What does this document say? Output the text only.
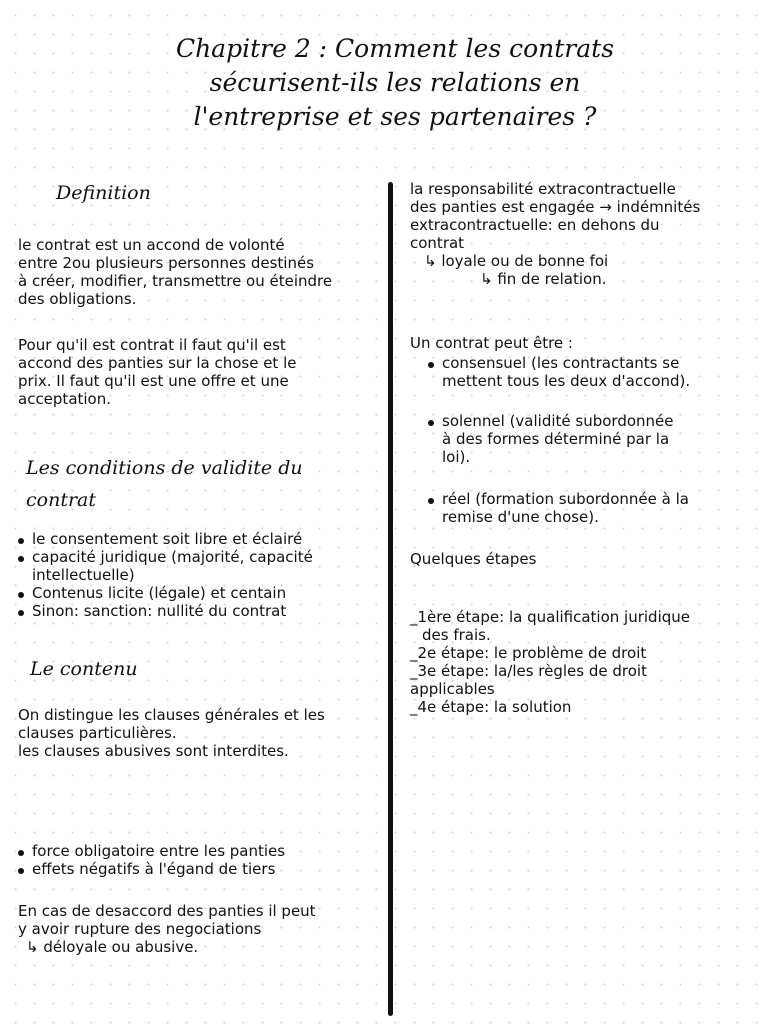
Chapitre 2 : Comment les contrats
sécurisent-ils les relations en
l'entreprise et ses partenaires ?
Definition
le contrat est un accond de volonté
entre 2ou plusieurs personnes destinés
à créer, modifier, transmettre ou éteindre
des obligations.
Pour qu'il est contrat il faut qu'il est
accond des panties sur la chose et le
prix. Il faut qu'il est une offre et une
acceptation.
Les conditions de validite du
contrat
le consentement soit libre et éclairé
capacité juridique (majorité, capacité
intellectuelle)
Contenus licite (légale) et centain
Sinon: sanction: nullité du contrat
Le contenu
On distingue les clauses générales et les
clauses particulières.
les clauses abusives sont interdites.
force obligatoire entre les panties
effets négatifs à l'égand de tiers
En cas de desaccord des panties il peut
y avoir rupture des negociations
↳ déloyale ou abusive.
la responsabilité extracontractuelle
des panties est engagée → indémnités
extracontractuelle: en dehons du
contrat
↳ loyale ou de bonne foi
↳ fin de relation.
Un contrat peut être :
consensuel (les contractants se
mettent tous les deux d'accond).
solennel (validité subordonnée
à des formes déterminé par la
loi).
réel (formation subordonnée à la
remise d'une chose).
Quelques étapes
_1ère étape: la qualification juridique
des frais.
_2e étape: le problème de droit
_3e étape: la/les règles de droit
applicables
_4e étape: la solution
